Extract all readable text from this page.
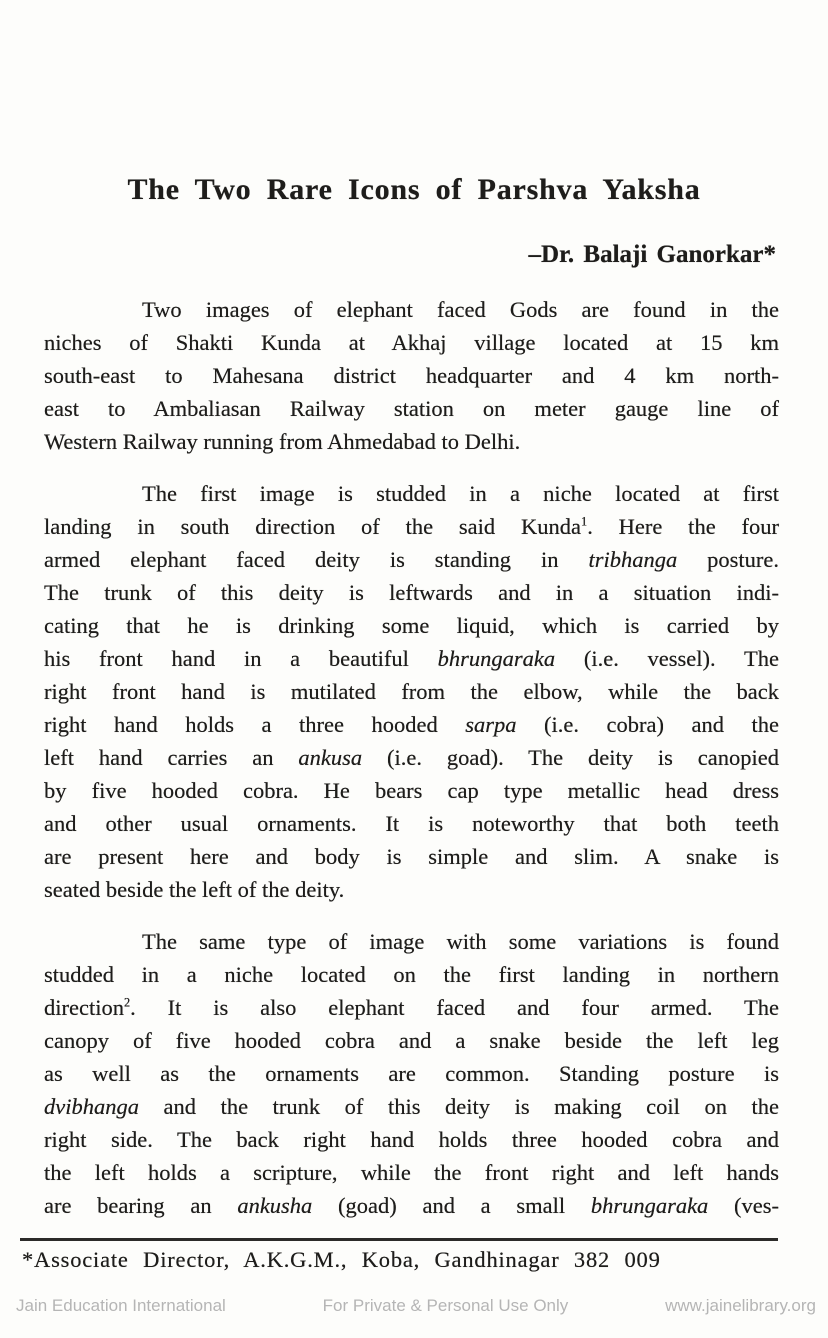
The Two Rare Icons of Parshva Yaksha
–Dr. Balaji Ganorkar*
Two images of elephant faced Gods are found in the
niches of Shakti Kunda at Akhaj village located at 15 km
south-east to Mahesana district headquarter and 4 km north-
east to Ambaliasan Railway station on meter gauge line of
Western Railway running from Ahmedabad to Delhi.
The first image is studded in a niche located at first
landing in south direction of the said Kunda$^1$. Here the four
armed elephant faced deity is standing in tribhanga posture.
The trunk of this deity is leftwards and in a situation indi-
cating that he is drinking some liquid, which is carried by
his front hand in a beautiful bhrungaraka (i.e. vessel). The
right front hand is mutilated from the elbow, while the back
right hand holds a three hooded sarpa (i.e. cobra) and the
left hand carries an ankusa (i.e. goad). The deity is canopied
by five hooded cobra. He bears cap type metallic head dress
and other usual ornaments. It is noteworthy that both teeth
are present here and body is simple and slim. A snake is
seated beside the left of the deity.
The same type of image with some variations is found
studded in a niche located on the first landing in northern
direction$^2$. It is also elephant faced and four armed. The
canopy of five hooded cobra and a snake beside the left leg
as well as the ornaments are common. Standing posture is
dvibhanga and the trunk of this deity is making coil on the
right side. The back right hand holds three hooded cobra and
the left holds a scripture, while the front right and left hands
are bearing an ankusha (goad) and a small bhrungaraka (ves-
*Associate Director, A.K.G.M., Koba, Gandhinagar 382 009
Jain Education International	For Private & Personal Use Only	www.jainelibrary.org
